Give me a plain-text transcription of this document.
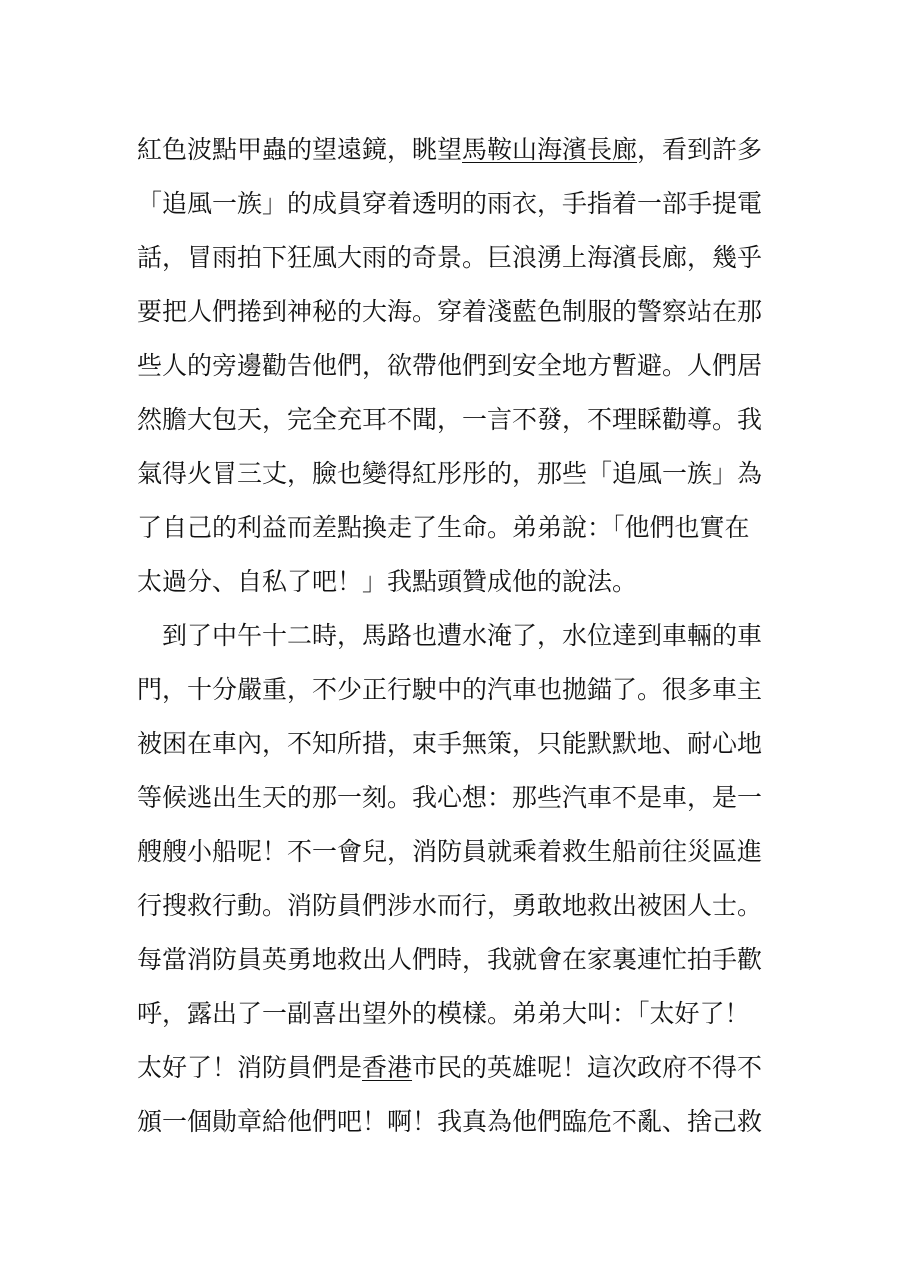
紅色波點甲蟲的望遠鏡，眺望馬鞍山海濱長廊，看到許多
「追風一族」的成員穿着透明的雨衣，手指着一部手提電
話，冒雨拍下狂風大雨的奇景。巨浪湧上海濱長廊，幾乎
要把人們捲到神秘的大海。穿着淺藍色制服的警察站在那
些人的旁邊勸告他們，欲帶他們到安全地方暫避。人們居
然膽大包天，完全充耳不聞，一言不發，不理睬勸導。我
氣得火冒三丈，臉也變得紅彤彤的，那些「追風一族」為
了自己的利益而差點換走了生命。弟弟說：「他們也實在
太過分、自私了吧！」我點頭贊成他的說法。
　到了中午十二時，馬路也遭水淹了，水位達到車輛的車
門，十分嚴重，不少正行駛中的汽車也拋錨了。很多車主
被困在車內，不知所措，束手無策，只能默默地、耐心地
等候逃出生天的那一刻。我心想：那些汽車不是車，是一
艘艘小船呢！不一會兒，消防員就乘着救生船前往災區進
行搜救行動。消防員們涉水而行，勇敢地救出被困人士。
每當消防員英勇地救出人們時，我就會在家裏連忙拍手歡
呼，露出了一副喜出望外的模樣。弟弟大叫：「太好了！
太好了！消防員們是香港市民的英雄呢！這次政府不得不
頒一個勛章給他們吧！啊！我真為他們臨危不亂、捨己救
